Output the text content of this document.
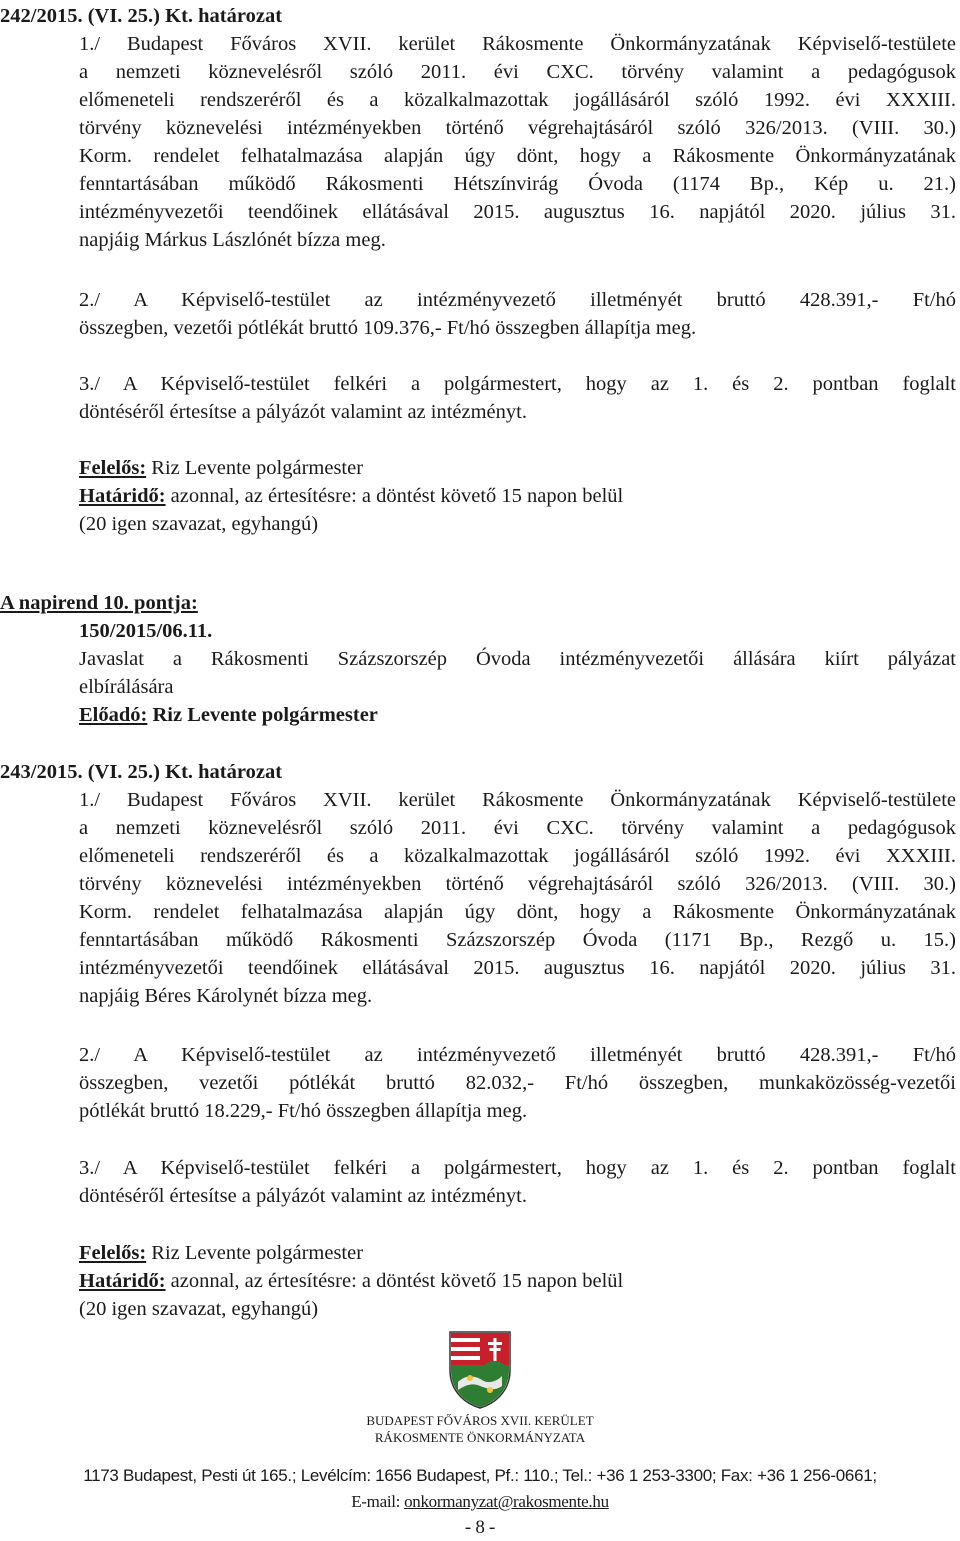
242/2015. (VI. 25.) Kt. határozat
1./ Budapest Főváros XVII. kerület Rákosmente Önkormányzatának Képviselő-testülete
a nemzeti köznevelésről szóló 2011. évi CXC. törvény valamint a pedagógusok
előmeneteli rendszeréről és a közalkalmazottak jogállásáról szóló 1992. évi XXXIII.
törvény köznevelési intézményekben történő végrehajtásáról szóló 326/2013. (VIII. 30.)
Korm. rendelet felhatalmazása alapján úgy dönt, hogy a Rákosmente Önkormányzatának
fenntartásában működő Rákosmenti Hétszínvirág Óvoda (1174 Bp., Kép u. 21.)
intézményvezetői teendőinek ellátásával 2015. augusztus 16. napjától 2020. július 31.
napjáig Márkus Lászlónét bízza meg.
2./ A Képviselő-testület az intézményvezető illetményét bruttó 428.391,- Ft/hó
összegben, vezetői pótlékát bruttó 109.376,- Ft/hó összegben állapítja meg.
3./ A Képviselő-testület felkéri a polgármestert, hogy az 1. és 2. pontban foglalt
döntéséről értesítse a pályázót valamint az intézményt.
Felelős: Riz Levente polgármester
Határidő: azonnal, az értesítésre: a döntést követő 15 napon belül
(20 igen szavazat, egyhangú)
A napirend 10. pontja:
150/2015/06.11.
Javaslat a Rákosmenti Százszorszép Óvoda intézményvezetői állására kiírt pályázat
elbírálására
Előadó: Riz Levente polgármester
243/2015. (VI. 25.) Kt. határozat
1./ Budapest Főváros XVII. kerület Rákosmente Önkormányzatának Képviselő-testülete
a nemzeti köznevelésről szóló 2011. évi CXC. törvény valamint a pedagógusok
előmeneteli rendszeréről és a közalkalmazottak jogállásáról szóló 1992. évi XXXIII.
törvény köznevelési intézményekben történő végrehajtásáról szóló 326/2013. (VIII. 30.)
Korm. rendelet felhatalmazása alapján úgy dönt, hogy a Rákosmente Önkormányzatának
fenntartásában működő Rákosmenti Százszorszép Óvoda (1171 Bp., Rezgő u. 15.)
intézményvezetői teendőinek ellátásával 2015. augusztus 16. napjától 2020. július 31.
napjáig Béres Károlynét bízza meg.
2./ A Képviselő-testület az intézményvezető illetményét bruttó 428.391,- Ft/hó
összegben, vezetői pótlékát bruttó 82.032,- Ft/hó összegben, munkaközösség-vezetői
pótlékát bruttó 18.229,- Ft/hó összegben állapítja meg.
3./ A Képviselő-testület felkéri a polgármestert, hogy az 1. és 2. pontban foglalt
döntéséről értesítse a pályázót valamint az intézményt.
Felelős: Riz Levente polgármester
Határidő: azonnal, az értesítésre: a döntést követő 15 napon belül
(20 igen szavazat, egyhangú)
BUDAPEST FŐVÁROS XVII. KERÜLET
RÁKOSMENTE ÖNKORMÁNYZATA
1173 Budapest, Pesti út 165.; Levélcím: 1656 Budapest, Pf.: 110.; Tel.: +36 1 253-3300; Fax: +36 1 256-0661;
E-mail: onkormanyzat@rakosmente.hu
- 8 -
